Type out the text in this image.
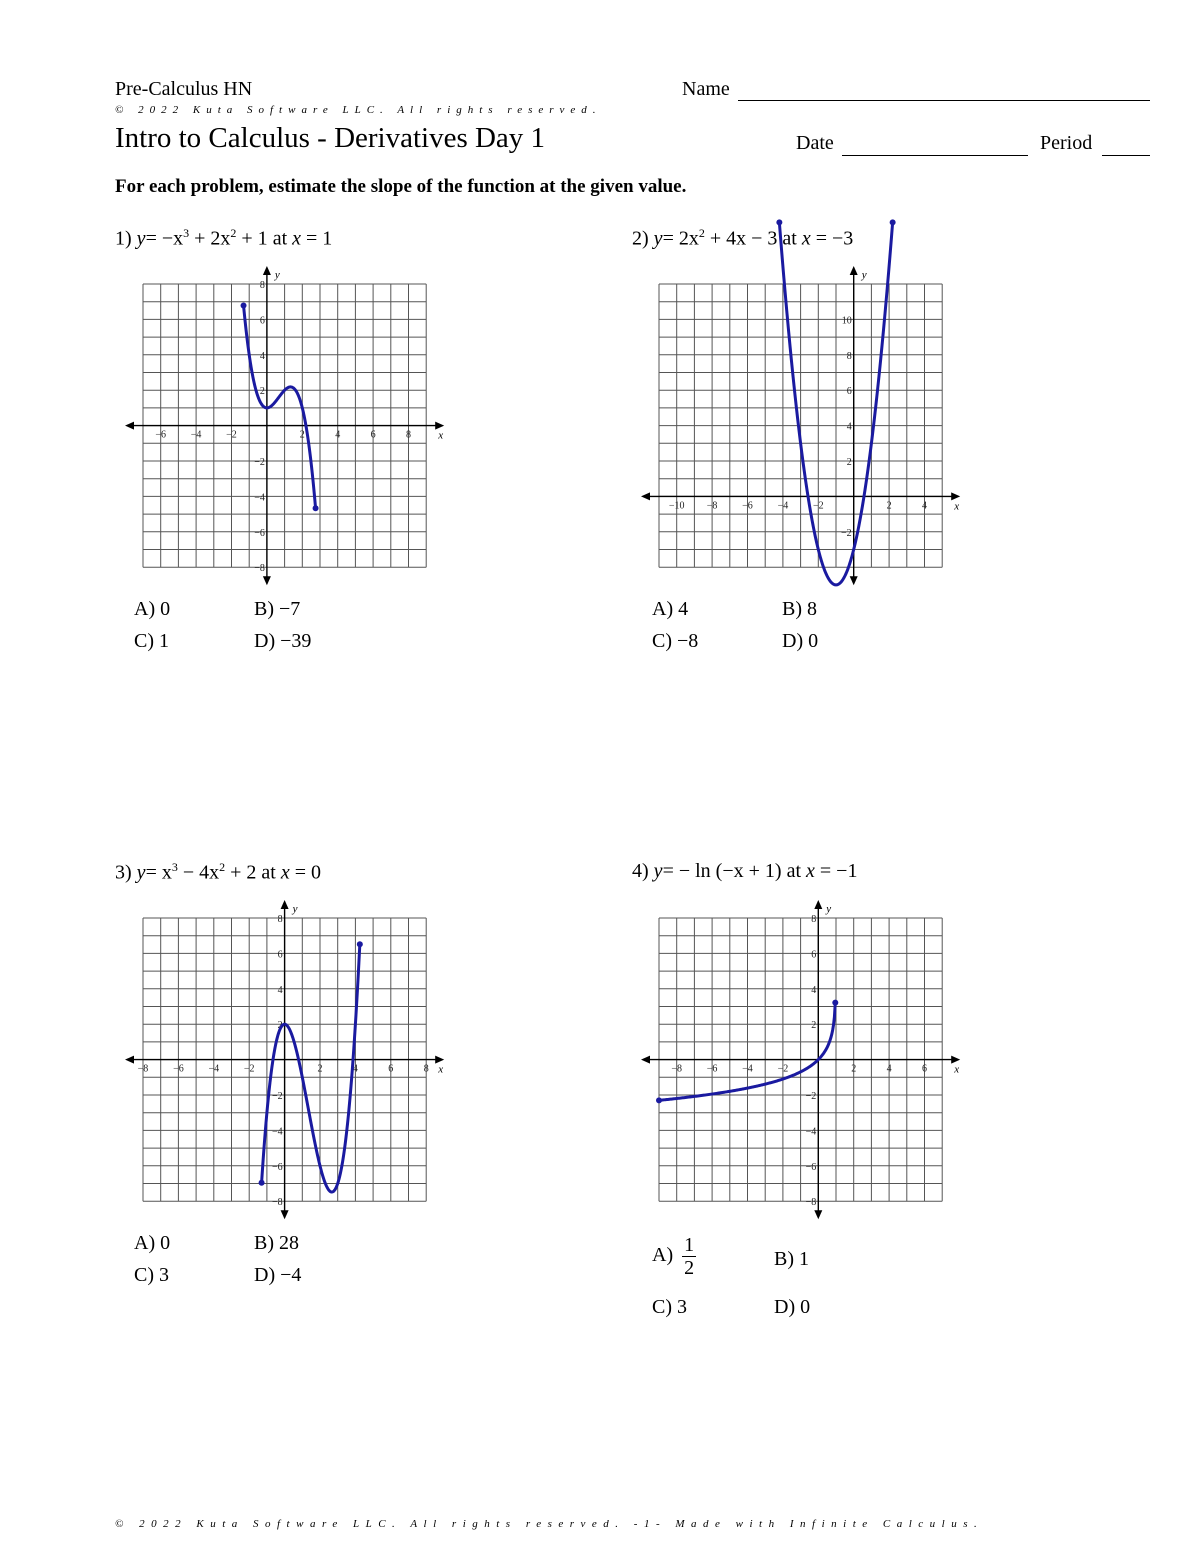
Pre-Calculus HN	Name
© 2022 Kuta Software LLC. All rights reserved.
Intro to Calculus - Derivatives Day 1	Date	Period
For each problem, estimate the slope of the function at the given value.
1) $y= -x^3 + 2x^2 + 1$ at x = 1
x
y
−6 −4 −2	2	4	6	8
8
6
4
2
−2
−4
−6
−8
A) 0	B) −7
C) 1	D) −39
2) $y= 2x^2 + 4x - 3$ at x = −3
x
y
−10 −8 −6 −4 −2	2	4
10
8
6
4
2
−2
A) 4	B) 8
C) −8	D) 0
3) $y= x^3 - 4x^2 + 2$ at x = 0
x
y
−8 −6 −4 −2	2	4	6	8
8
6
4
2
−2
−4
−6
−8
A) 0	B) 28
C) 3	D) −4
4) y= − ln (−x + 1) at x = −1
x
y
−8 −6 −4 −2	2	4	6
8
6
4
2
−2
−4
−6
−8
$A) \frac{1}{2}$	B) 1
C) 3	D) 0
© 2022 Kuta Software LLC. All rights reserved. -1- Made with Infinite Calculus.
